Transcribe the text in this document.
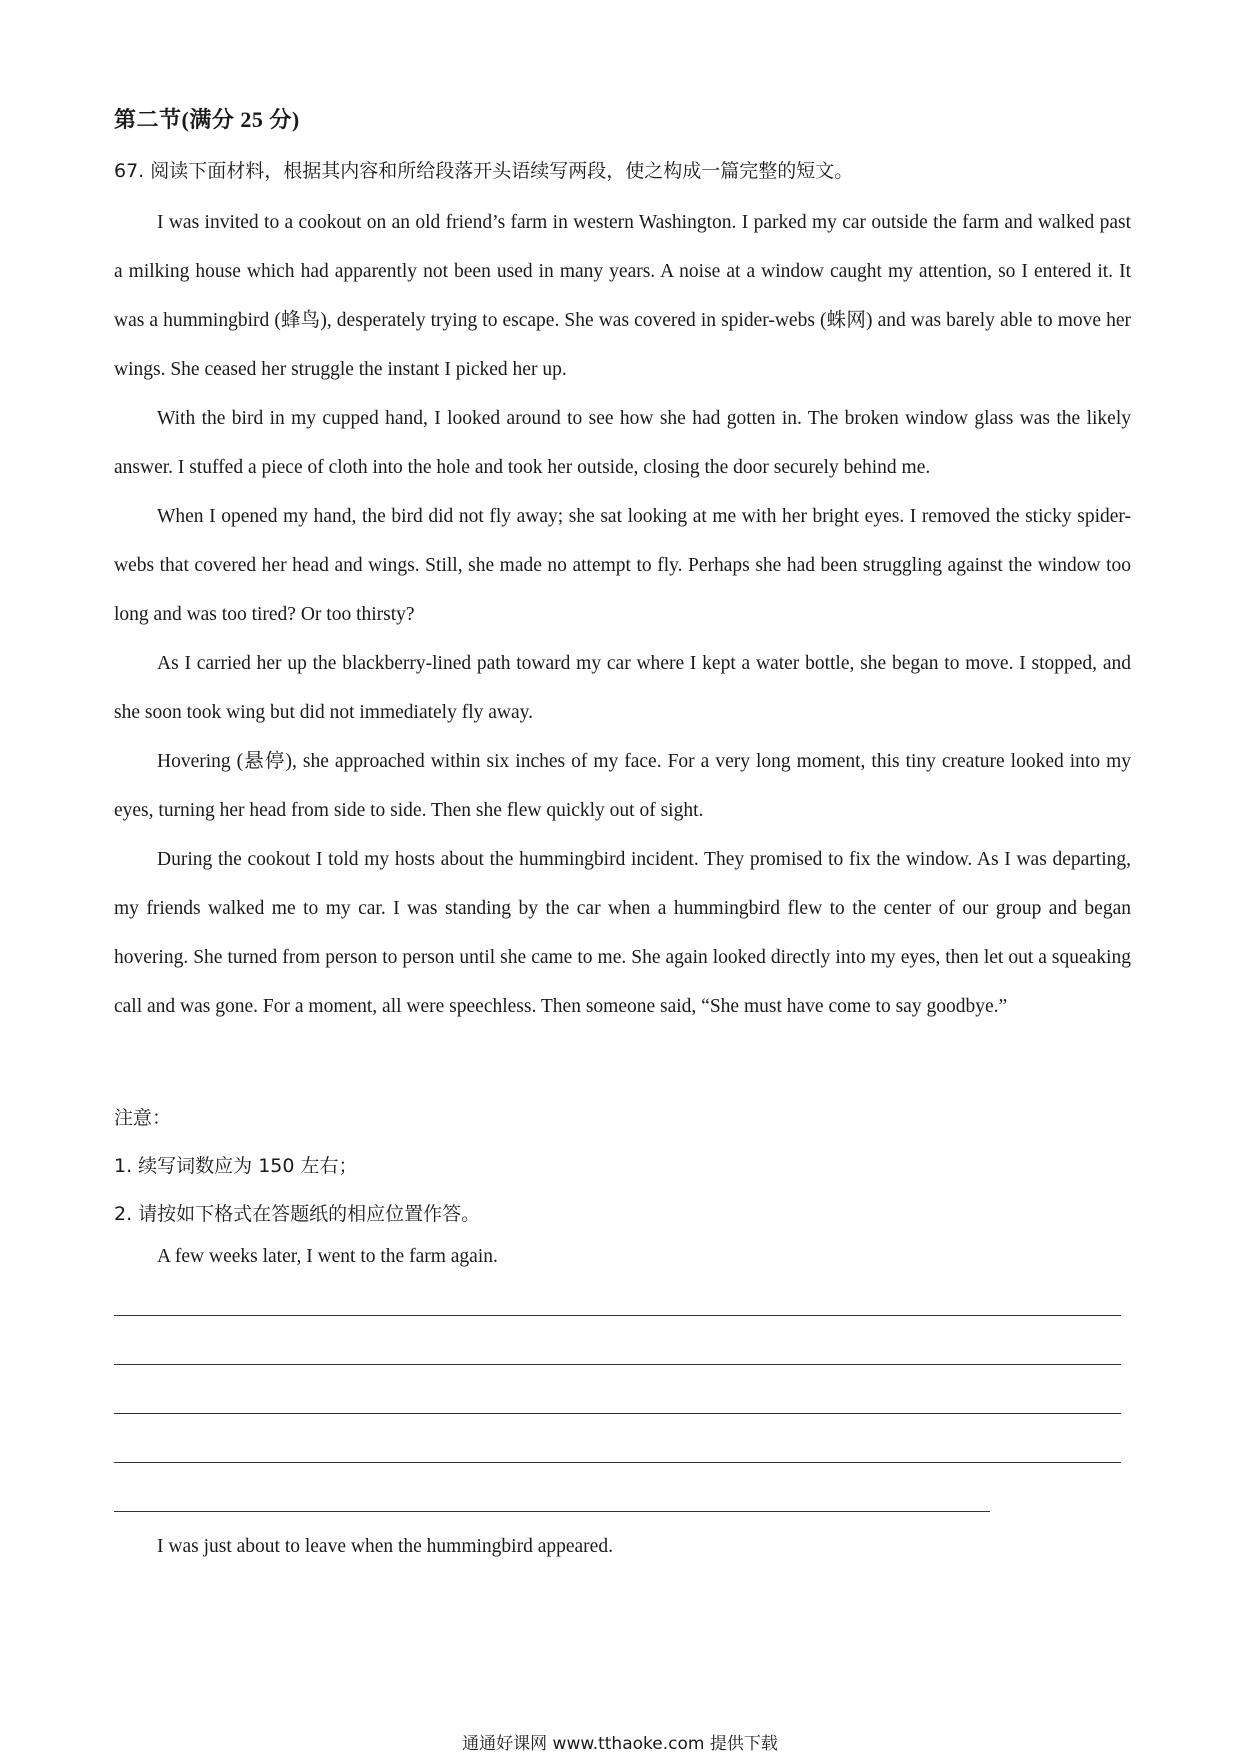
第二节(满分 25 分)
67. 阅读下面材料，根据其内容和所给段落开头语续写两段，使之构成一篇完整的短文。

I was invited to a cookout on an old friend’s farm in western Washington. I parked my car outside the farm and walked past a milking house which had apparently not been used in many years. A noise at a window caught my attention, so I entered it. It was a hummingbird (蜂鸟), desperately trying to escape. She was covered in spider-webs (蛛网) and was barely able to move her wings. She ceased her struggle the instant I picked her up.

With the bird in my cupped hand, I looked around to see how she had gotten in. The broken window glass was the likely answer. I stuffed a piece of cloth into the hole and took her outside, closing the door securely behind me.

When I opened my hand, the bird did not fly away; she sat looking at me with her bright eyes. I removed the sticky spider-webs that covered her head and wings. Still, she made no attempt to fly. Perhaps she had been struggling against the window too long and was too tired? Or too thirsty?

As I carried her up the blackberry-lined path toward my car where I kept a water bottle, she began to move. I stopped, and she soon took wing but did not immediately fly away.

Hovering (悬停), she approached within six inches of my face. For a very long moment, this tiny creature looked into my eyes, turning her head from side to side. Then she flew quickly out of sight.

During the cookout I told my hosts about the hummingbird incident. They promised to fix the window. As I was departing, my friends walked me to my car. I was standing by the car when a hummingbird flew to the center of our group and began hovering. She turned from person to person until she came to me. She again looked directly into my eyes, then let out a squeaking call and was gone. For a moment, all were speechless. Then someone said, “She must have come to say goodbye.”

注意：
1. 续写词数应为 150 左右；
2. 请按如下格式在答题纸的相应位置作答。
A few weeks later, I went to the farm again.
I was just about to leave when the hummingbird appeared.
通通好课网 www.tthaoke.com 提供下载
